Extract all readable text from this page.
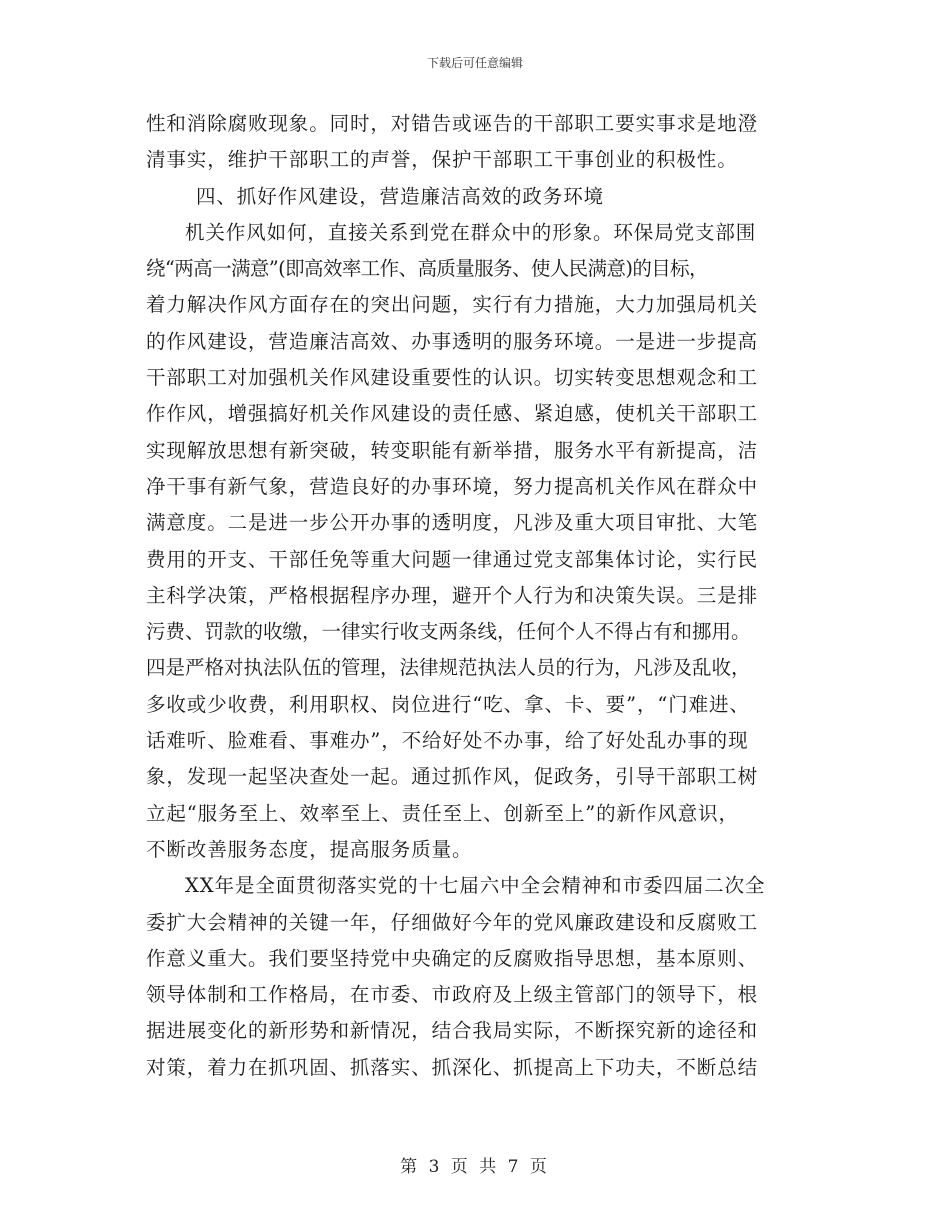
下载后可任意编辑
性和消除腐败现象。同时，对错告或诬告的干部职工要实事求是地澄
清事实，维护干部职工的声誉，保护干部职工干事创业的积极性。
四、抓好作风建设，营造廉洁高效的政务环境
机关作风如何，直接关系到党在群众中的形象。环保局党支部围
绕“两高一满意”(即高效率工作、高质量服务、使人民满意)的目标，
着力解决作风方面存在的突出问题，实行有力措施，大力加强局机关
的作风建设，营造廉洁高效、办事透明的服务环境。一是进一步提高
干部职工对加强机关作风建设重要性的认识。切实转变思想观念和工
作作风，增强搞好机关作风建设的责任感、紧迫感，使机关干部职工
实现解放思想有新突破，转变职能有新举措，服务水平有新提高，洁
净干事有新气象，营造良好的办事环境，努力提高机关作风在群众中
满意度。二是进一步公开办事的透明度，凡涉及重大项目审批、大笔
费用的开支、干部任免等重大问题一律通过党支部集体讨论，实行民
主科学决策，严格根据程序办理，避开个人行为和决策失误。三是排
污费、罚款的收缴，一律实行收支两条线，任何个人不得占有和挪用。
四是严格对执法队伍的管理，法律规范执法人员的行为，凡涉及乱收，
多收或少收费，利用职权、岗位进行“吃、拿、卡、要”，“门难进、
话难听、脸难看、事难办”，不给好处不办事，给了好处乱办事的现
象，发现一起坚决查处一起。通过抓作风，促政务，引导干部职工树
立起“服务至上、效率至上、责任至上、创新至上”的新作风意识，
不断改善服务态度，提高服务质量。
XX年是全面贯彻落实党的十七届六中全会精神和市委四届二次全
委扩大会精神的关键一年，仔细做好今年的党风廉政建设和反腐败工
作意义重大。我们要坚持党中央确定的反腐败指导思想，基本原则、
领导体制和工作格局，在市委、市政府及上级主管部门的领导下，根
据进展变化的新形势和新情况，结合我局实际，不断探究新的途径和
对策，着力在抓巩固、抓落实、抓深化、抓提高上下功夫，不断总结
第 3 页 共 7 页
